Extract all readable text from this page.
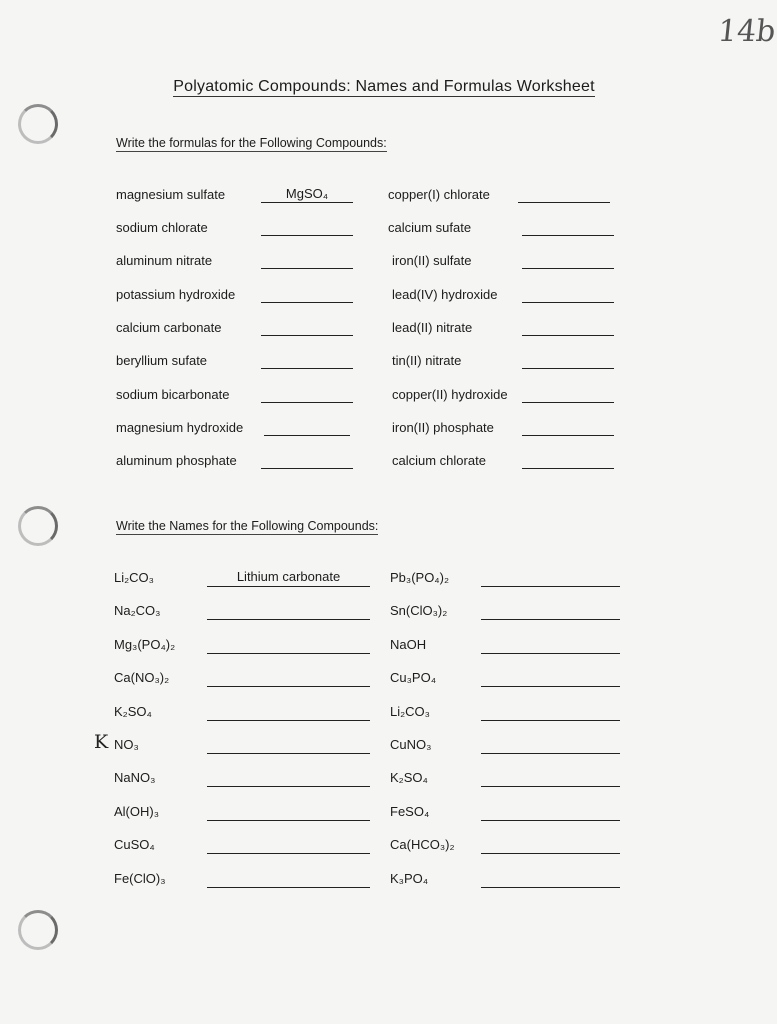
14b
Polyatomic Compounds: Names and Formulas Worksheet
Write the formulas for the Following Compounds:
magnesium sulfate	MgSO₄
sodium chlorate
aluminum nitrate
potassium hydroxide
calcium carbonate
beryllium sufate
sodium bicarbonate
magnesium hydroxide
aluminum phosphate
copper(I) chlorate
calcium sufate
iron(II) sulfate
lead(IV) hydroxide
lead(II) nitrate
tin(II) nitrate
copper(II) hydroxide
iron(II) phosphate
calcium chlorate
Write the Names for the Following Compounds:
K
Li₂CO₃	Lithium carbonate
Na₂CO₃
Mg₃(PO₄)₂
Ca(NO₃)₂
K₂SO₄
NO₃
NaNO₃
Al(OH)₃
CuSO₄
Fe(ClO)₃
Pb₃(PO₄)₂
Sn(ClO₃)₂
NaOH
Cu₃PO₄
Li₂CO₃
CuNO₃
K₂SO₄
FeSO₄
Ca(HCO₃)₂
K₃PO₄
